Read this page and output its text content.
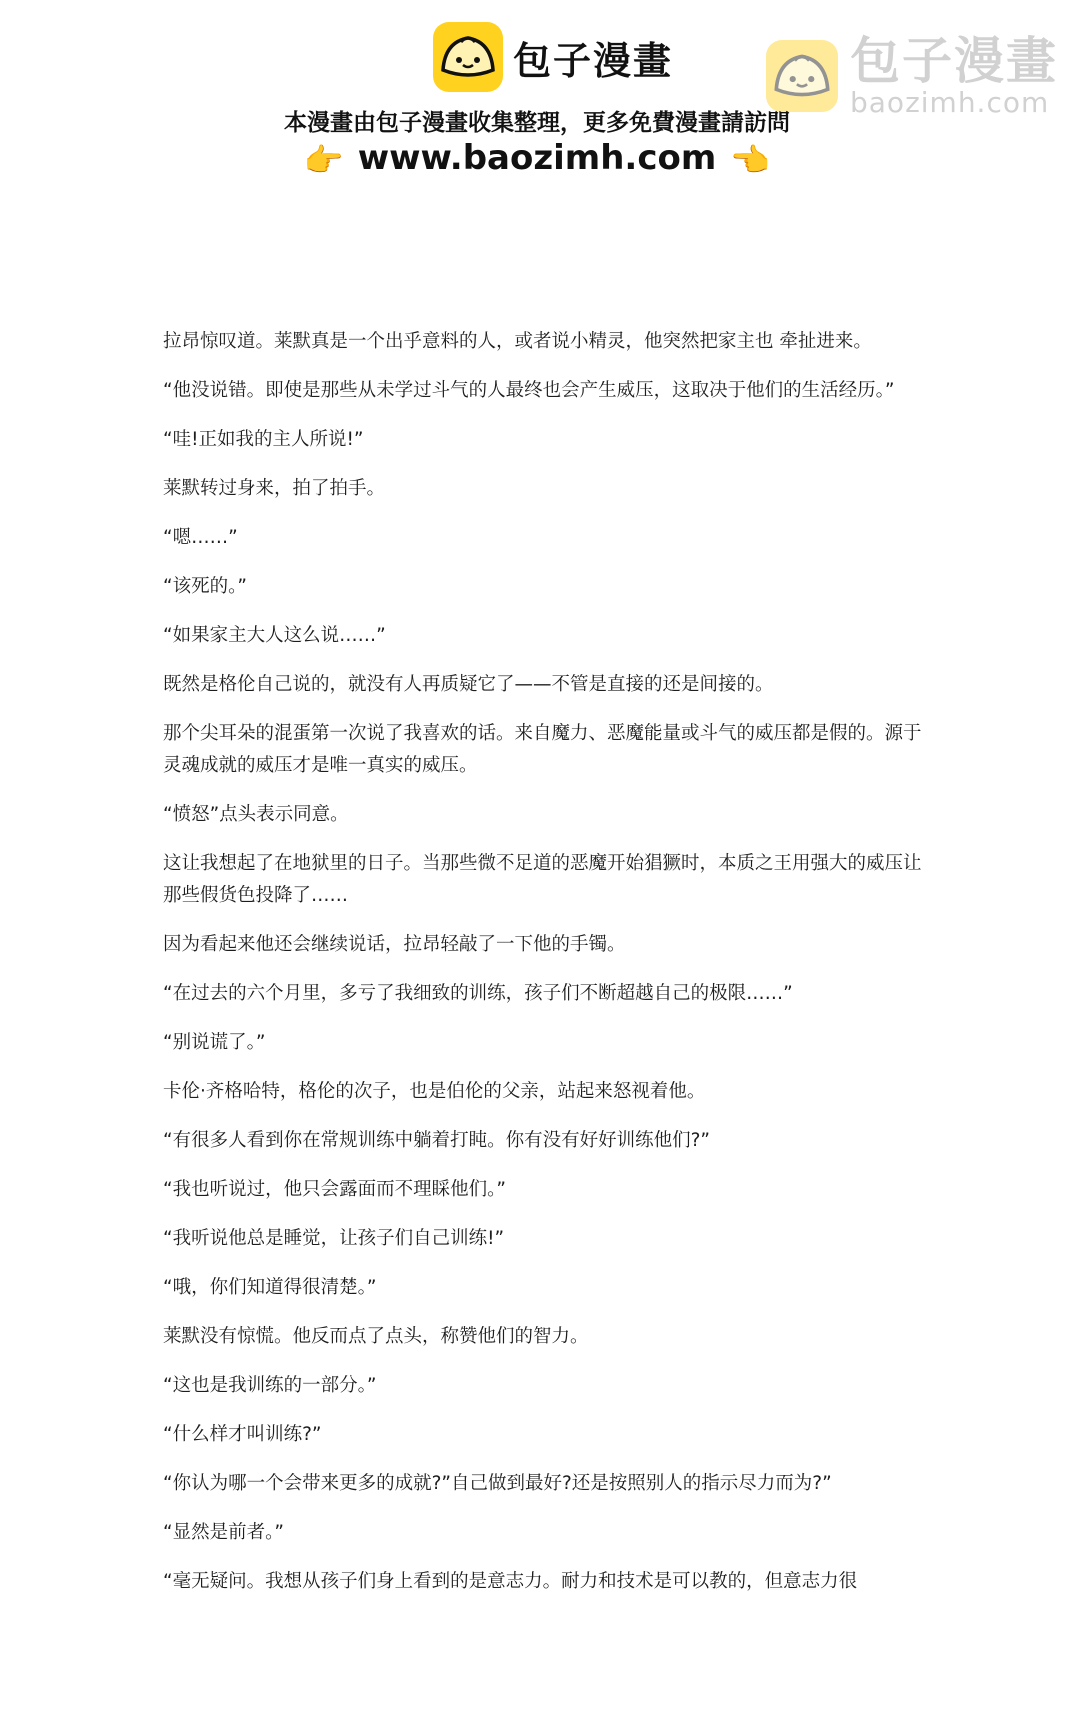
包子漫畫	包子漫畫
baozimh.com
本漫畫由包子漫畫收集整理，更多免費漫畫請訪問
👉 www.baozimh.com 👈

拉昂惊叹道。莱默真是一个出乎意料的人，或者说小精灵，他突然把家主也 牵扯进来。

“他没说错。即使是那些从未学过斗气的人最终也会产生威压，这取决于他们的生活经历。”

“哇!正如我的主人所说!”

莱默转过身来，拍了拍手。

“嗯……”

“该死的。”

“如果家主大人这么说……”

既然是格伦自己说的，就没有人再质疑它了——不管是直接的还是间接的。

那个尖耳朵的混蛋第一次说了我喜欢的话。来自魔力、恶魔能量或斗气的威压都是假的。源于灵魂成就的威压才是唯一真实的威压。

“愤怒”点头表示同意。

这让我想起了在地狱里的日子。当那些微不足道的恶魔开始猖獗时，本质之王用强大的威压让那些假货色投降了……

因为看起来他还会继续说话，拉昂轻敲了一下他的手镯。

“在过去的六个月里，多亏了我细致的训练，孩子们不断超越自己的极限……”

“别说谎了。”

卡伦·齐格哈特，格伦的次子，也是伯伦的父亲，站起来怒视着他。

“有很多人看到你在常规训练中躺着打盹。你有没有好好训练他们?”

“我也听说过，他只会露面而不理睬他们。”

“我听说他总是睡觉，让孩子们自己训练!”

“哦，你们知道得很清楚。”

莱默没有惊慌。他反而点了点头，称赞他们的智力。

“这也是我训练的一部分。”

“什么样才叫训练?”

“你认为哪一个会带来更多的成就?”自己做到最好?还是按照别人的指示尽力而为?”

“显然是前者。”

“毫无疑问。我想从孩子们身上看到的是意志力。耐力和技术是可以教的，但意志力很
